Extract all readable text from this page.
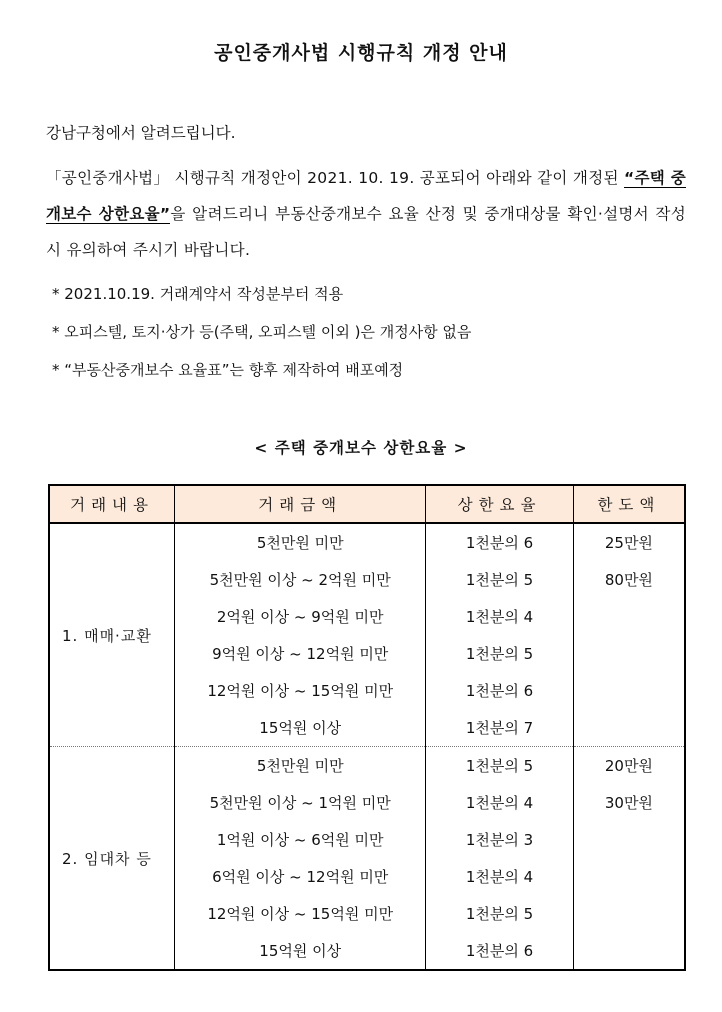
공인중개사법 시행규칙 개정 안내
강남구청에서 알려드립니다.
「공인중개사법」 시행규칙 개정안이 2021. 10. 19. 공포되어 아래와 같이 개정된 “주택 중개보수 상한요율”을 알려드리니 부동산중개보수 요율 산정 및 중개대상물 확인·설명서 작성시 유의하여 주시기 바랍니다.
* 2021.10.19. 거래계약서 작성분부터 적용
* 오피스텔, 토지·상가 등(주택, 오피스텔 이외 )은 개정사항 없음
* “부동산중개보수 요율표”는 향후 제작하여 배포예정
< 주택 중개보수 상한요율 >
거래내용	거래금액	상한요율	한도액
1. 매매·교환	5천만원 미만	1천분의 6	25만원
	5천만원 이상 ~ 2억원 미만	1천분의 5	80만원
	2억원 이상 ~ 9억원 미만	1천분의 4	
	9억원 이상 ~ 12억원 미만	1천분의 5	
	12억원 이상 ~ 15억원 미만	1천분의 6	
	15억원 이상	1천분의 7	
2. 임대차 등	5천만원 미만	1천분의 5	20만원
	5천만원 이상 ~ 1억원 미만	1천분의 4	30만원
	1억원 이상 ~ 6억원 미만	1천분의 3	
	6억원 이상 ~ 12억원 미만	1천분의 4	
	12억원 이상 ~ 15억원 미만	1천분의 5	
	15억원 이상	1천분의 6	
